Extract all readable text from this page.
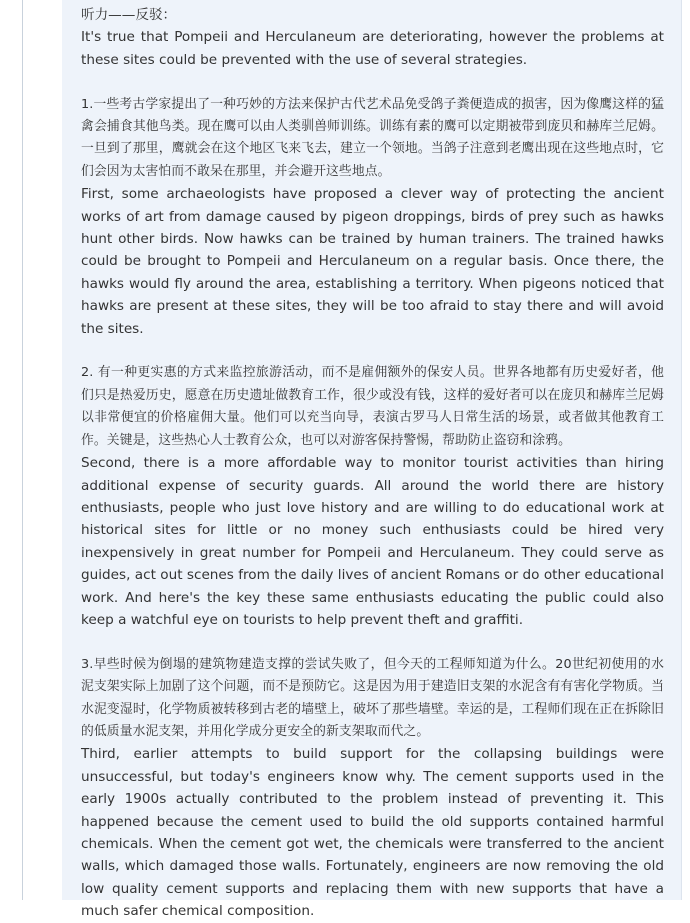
听力——反驳：

It's true that Pompeii and Herculaneum are deteriorating, however the problems at these sites could be prevented with the use of several strategies.

1.一些考古学家提出了一种巧妙的方法来保护古代艺术品免受鸽子粪便造成的损害，因为像鹰这样的猛禽会捕食其他鸟类。现在鹰可以由人类驯兽师训练。训练有素的鹰可以定期被带到庞贝和赫库兰尼姆。一旦到了那里，鹰就会在这个地区飞来飞去，建立一个领地。当鸽子注意到老鹰出现在这些地点时，它们会因为太害怕而不敢呆在那里，并会避开这些地点。

First, some archaeologists have proposed a clever way of protecting the ancient works of art from damage caused by pigeon droppings, birds of prey such as hawks hunt other birds. Now hawks can be trained by human trainers. The trained hawks could be brought to Pompeii and Herculaneum on a regular basis. Once there, the hawks would fly around the area, establishing a territory. When pigeons noticed that hawks are present at these sites, they will be too afraid to stay there and will avoid the sites.

2. 有一种更实惠的方式来监控旅游活动，而不是雇佣额外的保安人员。世界各地都有历史爱好者，他们只是热爱历史，愿意在历史遗址做教育工作，很少或没有钱，这样的爱好者可以在庞贝和赫库兰尼姆以非常便宜的价格雇佣大量。他们可以充当向导，表演古罗马人日常生活的场景，或者做其他教育工作。关键是，这些热心人士教育公众，也可以对游客保持警惕，帮助防止盗窃和涂鸦。

Second, there is a more affordable way to monitor tourist activities than hiring additional expense of security guards. All around the world there are history enthusiasts, people who just love history and are willing to do educational work at historical sites for little or no money such enthusiasts could be hired very inexpensively in great number for Pompeii and Herculaneum. They could serve as guides, act out scenes from the daily lives of ancient Romans or do other educational work. And here's the key these same enthusiasts educating the public could also keep a watchful eye on tourists to help prevent theft and graffiti.

3.早些时候为倒塌的建筑物建造支撑的尝试失败了，但今天的工程师知道为什么。20世纪初使用的水泥支架实际上加剧了这个问题，而不是预防它。这是因为用于建造旧支架的水泥含有有害化学物质。当水泥变湿时，化学物质被转移到古老的墙壁上，破坏了那些墙壁。幸运的是，工程师们现在正在拆除旧的低质量水泥支架，并用化学成分更安全的新支架取而代之。

Third, earlier attempts to build support for the collapsing buildings were unsuccessful, but today's engineers know why. The cement supports used in the early 1900s actually contributed to the problem instead of preventing it. This happened because the cement used to build the old supports contained harmful chemicals. When the cement got wet, the chemicals were transferred to the ancient walls, which damaged those walls. Fortunately, engineers are now removing the old low quality cement supports and replacing them with new supports that have a much safer chemical composition.
